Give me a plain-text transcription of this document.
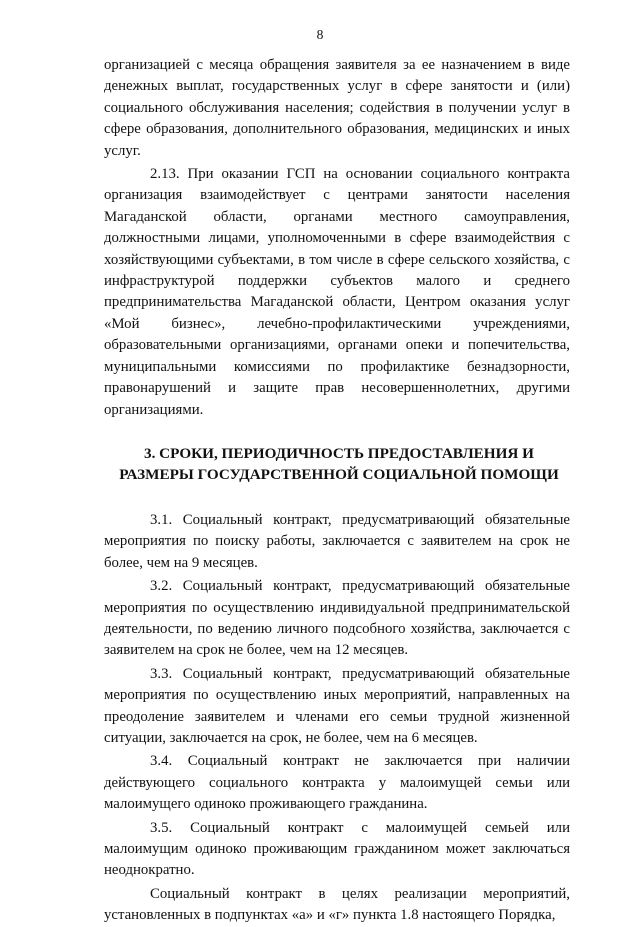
8

организацией с месяца обращения заявителя за ее назначением в виде денежных выплат, государственных услуг в сфере занятости и (или) социального обслуживания населения; содействия в получении услуг в сфере образования, дополнительного образования, медицинских и иных услуг.

2.13. При оказании ГСП на основании социального контракта организация взаимодействует с центрами занятости населения Магаданской области, органами местного самоуправления, должностными лицами, уполномоченными в сфере взаимодействия с хозяйствующими субъектами, в том числе в сфере сельского хозяйства, с инфраструктурой поддержки субъектов малого и среднего предпринимательства Магаданской области, Центром оказания услуг «Мой бизнес», лечебно-профилактическими учреждениями, образовательными организациями, органами опеки и попечительства, муниципальными комиссиями по профилактике безнадзорности, правонарушений и защите прав несовершеннолетних, другими организациями.

3. СРОКИ, ПЕРИОДИЧНОСТЬ ПРЕДОСТАВЛЕНИЯ И РАЗМЕРЫ ГОСУДАРСТВЕННОЙ СОЦИАЛЬНОЙ ПОМОЩИ

3.1. Социальный контракт, предусматривающий обязательные мероприятия по поиску работы, заключается с заявителем на срок не более, чем на 9 месяцев.

3.2. Социальный контракт, предусматривающий обязательные мероприятия по осуществлению индивидуальной предпринимательской деятельности, по ведению личного подсобного хозяйства, заключается с заявителем на срок не более, чем на 12 месяцев.

3.3. Социальный контракт, предусматривающий обязательные мероприятия по осуществлению иных мероприятий, направленных на преодоление заявителем и членами его семьи трудной жизненной ситуации, заключается на срок, не более, чем на 6 месяцев.

3.4. Социальный контракт не заключается при наличии действующего социального контракта у малоимущей семьи или малоимущего одиноко проживающего гражданина.

3.5. Социальный контракт с малоимущей семьей или малоимущим одиноко проживающим гражданином может заключаться неоднократно.

Социальный контракт в целях реализации мероприятий, установленных в подпунктах «а» и «г» пункта 1.8 настоящего Порядка,
